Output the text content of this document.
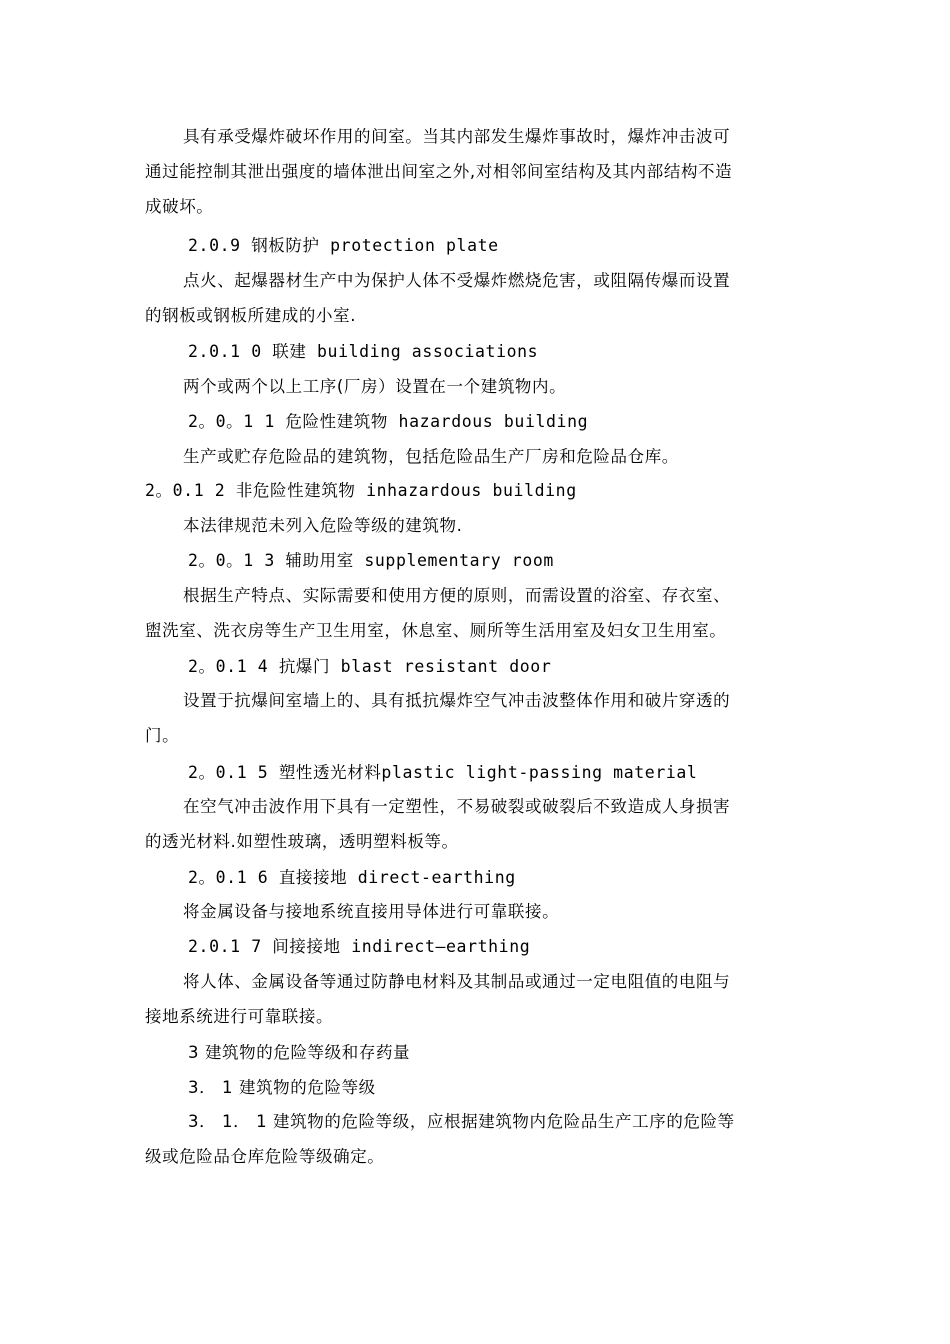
具有承受爆炸破坏作用的间室。当其内部发生爆炸事故时，爆炸冲击波可
通过能控制其泄出强度的墙体泄出间室之外,对相邻间室结构及其内部结构不造
成破坏。
2.0.9 钢板防护 protection plate
点火、起爆器材生产中为保护人体不受爆炸燃烧危害，或阻隔传爆而设置
的钢板或钢板所建成的小室.
2.0.1 0 联建 building associations
两个或两个以上工序(厂房）设置在一个建筑物内。
2。0。1 1 危险性建筑物 hazardous building
生产或贮存危险品的建筑物，包括危险品生产厂房和危险品仓库。
2。0.1 2 非危险性建筑物 inhazardous building
本法律规范未列入危险等级的建筑物.
2。0。1 3 辅助用室 supplementary room
根据生产特点、实际需要和使用方便的原则，而需设置的浴室、存衣室、
盥洗室、洗衣房等生产卫生用室，休息室、厕所等生活用室及妇女卫生用室。
2。0.1 4 抗爆门 blast resistant door
设置于抗爆间室墙上的、具有抵抗爆炸空气冲击波整体作用和破片穿透的
门。
2。0.1 5 塑性透光材料plastic light-passing material
在空气冲击波作用下具有一定塑性，不易破裂或破裂后不致造成人身损害
的透光材料.如塑性玻璃，透明塑料板等。
2。0.1 6 直接接地 direct-earthing
将金属设备与接地系统直接用导体进行可靠联接。
2.0.1 7 间接接地 indirect—earthing
将人体、金属设备等通过防静电材料及其制品或通过一定电阻值的电阻与
接地系统进行可靠联接。
3 建筑物的危险等级和存药量
3． 1 建筑物的危险等级
3． 1． 1 建筑物的危险等级，应根据建筑物内危险品生产工序的危险等
级或危险品仓库危险等级确定。
